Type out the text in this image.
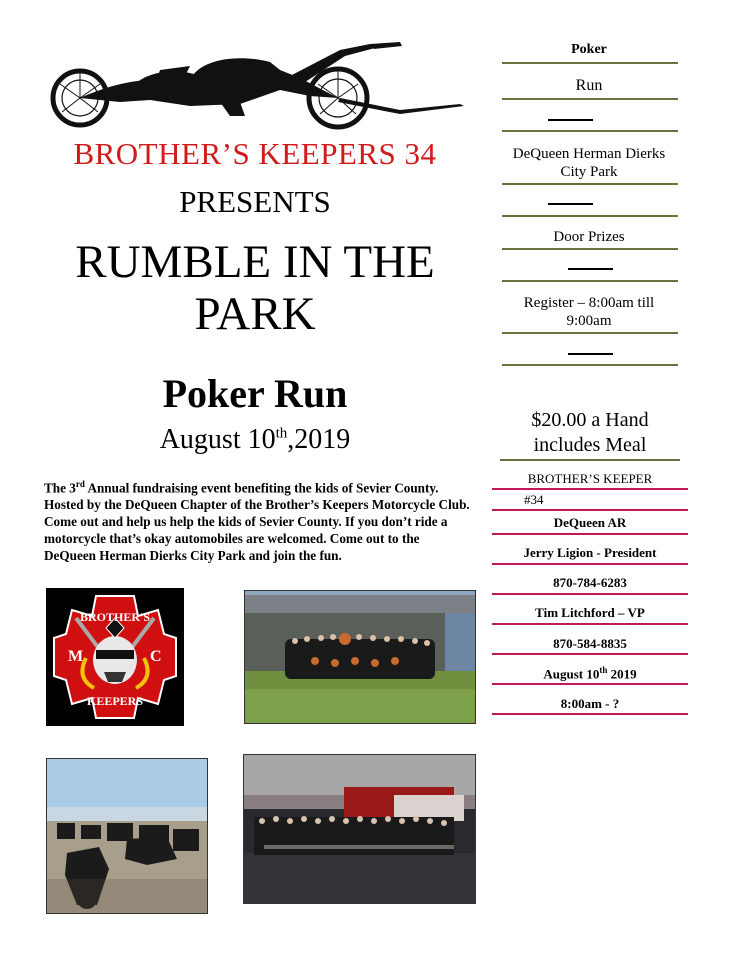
BROTHER’S KEEPERS 34
PRESENTS
RUMBLE IN THE PARK
Poker Run
August 10th,2019
The 3rd Annual fundraising event benefiting the kids of Sevier County. Hosted by the DeQueen Chapter of the Brother’s Keepers Motorcycle Club. Come out and help us help the kids of Sevier County. If you don’t ride a motorcycle that’s okay automobiles are welcomed. Come out to the DeQueen Herman Dierks City Park and join the fun.
Poker
Run
DeQueen Herman Dierks City Park
Door Prizes
Register – 8:00am till 9:00am
$20.00 a Hand includes Meal
BROTHER’S KEEPER
#34
DeQueen AR
Jerry Ligion - President
870-784-6283
Tim Litchford – VP
870-584-8835
August 10th 2019
8:00am - ?
BROTHER'S
KEEPERS
M	C
